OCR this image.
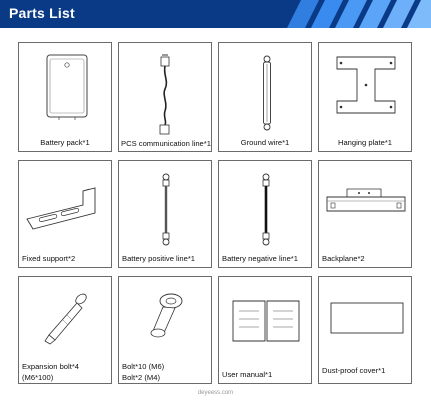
Parts List
Battery pack*1	PCS communication line*1	Ground wire*1	Hanging plate*1
Fixed support*2	Battery positive line*1	Battery negative line*1	Backplane*2
Expansion bolt*4
(M6*100)
Bolt*10 (M6)
Bolt*2 (M4)	User manual*1	Dust-proof cover*1
deyeess.com
